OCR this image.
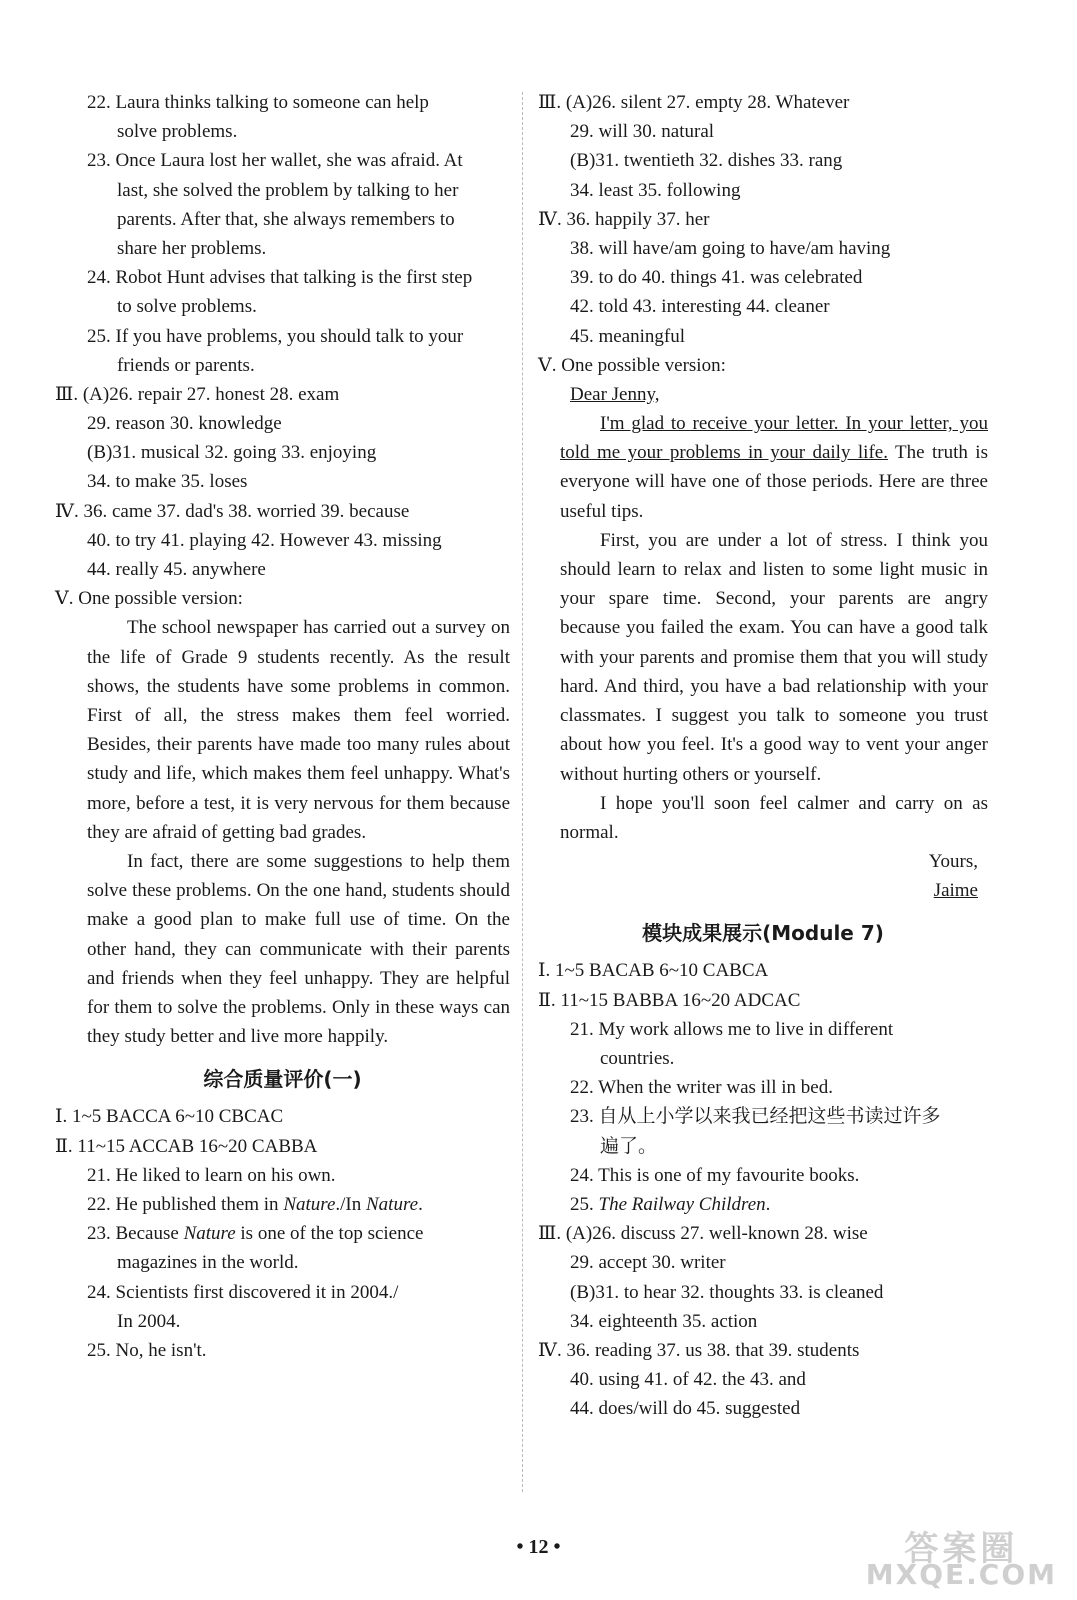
22. Laura thinks talking to someone can help
solve problems.
23. Once Laura lost her wallet, she was afraid. At
last, she solved the problem by talking to her
parents. After that, she always remembers to
share her problems.
24. Robot Hunt advises that talking is the first step
to solve problems.
25. If you have problems, you should talk to your
friends or parents.
Ⅲ. (A)26. repair 27. honest 28. exam
29. reason 30. knowledge
(B)31. musical 32. going 33. enjoying
34. to make 35. loses
Ⅳ. 36. came 37. dad's 38. worried 39. because
40. to try 41. playing 42. However 43. missing
44. really 45. anywhere
Ⅴ. One possible version:
The school newspaper has carried out a survey on the life of Grade 9 students recently. As the result shows, the students have some problems in common. First of all, the stress makes them feel worried. Besides, their parents have made too many rules about study and life, which makes them feel unhappy. What's more, before a test, it is very nervous for them because they are afraid of getting bad grades.
In fact, there are some suggestions to help them solve these problems. On the one hand, students should make a good plan to make full use of time. On the other hand, they can communicate with their parents and friends when they feel unhappy. They are helpful for them to solve the problems. Only in these ways can they study better and live more happily.
综合质量评价(一)
Ⅰ. 1~5 BACCA 6~10 CBCAC
Ⅱ. 11~15 ACCAB 16~20 CABBA
21. He liked to learn on his own.
22. He published them in Nature./In Nature.
23. Because Nature is one of the top science
magazines in the world.
24. Scientists first discovered it in 2004./
In 2004.
25. No, he isn't.
Ⅲ. (A)26. silent 27. empty 28. Whatever
29. will 30. natural
(B)31. twentieth 32. dishes 33. rang
34. least 35. following
Ⅳ. 36. happily 37. her
38. will have/am going to have/am having
39. to do 40. things 41. was celebrated
42. told 43. interesting 44. cleaner
45. meaningful
Ⅴ. One possible version:
Dear Jenny,
I'm glad to receive your letter. In your letter, you told me your problems in your daily life. The truth is everyone will have one of those periods. Here are three useful tips.
First, you are under a lot of stress. I think you should learn to relax and listen to some light music in your spare time. Second, your parents are angry because you failed the exam. You can have a good talk with your parents and promise them that you will study hard. And third, you have a bad relationship with your classmates. I suggest you talk to someone you trust about how you feel. It's a good way to vent your anger without hurting others or yourself.
I hope you'll soon feel calmer and carry on as normal.
Yours,
Jaime
模块成果展示(Module 7)
Ⅰ. 1~5 BACAB 6~10 CABCA
Ⅱ. 11~15 BABBA 16~20 ADCAC
21. My work allows me to live in different
countries.
22. When the writer was ill in bed.
23. 自从上小学以来我已经把这些书读过许多
遍了。
24. This is one of my favourite books.
25. The Railway Children.
Ⅲ. (A)26. discuss 27. well-known 28. wise
29. accept 30. writer
(B)31. to hear 32. thoughts 33. is cleaned
34. eighteenth 35. action
Ⅳ. 36. reading 37. us 38. that 39. students
40. using 41. of 42. the 43. and
44. does/will do 45. suggested
• 12 •	答案圈
MXQE.COM
